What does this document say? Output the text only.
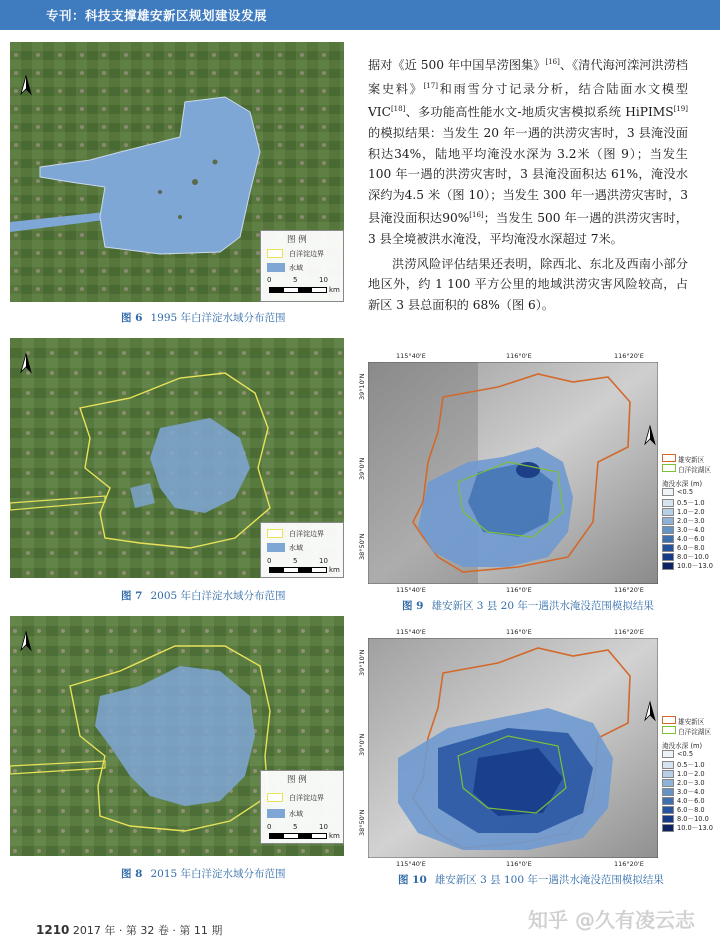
专刊：科技支撑雄安新区规划建设发展
图 例
白洋淀边界
水域
0	5	10
km
图 6 1995 年白洋淀水域分布范围
白洋淀边界
水域
0	5	10
km
图 7 2005 年白洋淀水域分布范围
图 例
白洋淀边界
水域
0	5	10
km
图 8 2015 年白洋淀水域分布范围

据对《近 500 年中国旱涝图集》[16]、《清代海河滦河洪涝档案史料》[17]和雨雪分寸记录分析，结合陆面水文模型 VIC[18]、多功能高性能水文-地质灾害模拟系统 HiPIMS[19]的模拟结果：当发生 20 年一遇的洪涝灾害时，3 县淹没面积达34%，陆地平均淹没水深为 3.2米（图 9）；当发生 100 年一遇的洪涝灾害时，3 县淹没面积达 61%，淹没水深约为4.5 米（图 10）；当发生 300 年一遇洪涝灾害时，3 县淹没面积达90%[16]；当发生 500 年一遇的洪涝灾害时，3 县全境被洪水淹没，平均淹没水深超过 7米。

洪涝风险评估结果还表明，除西北、东北及西南小部分地区外，约 1 100 平方公里的地域洪涝灾害风险较高，占新区 3 县总面积的 68%（图 6）。

115°40'E	116°0'E	116°20'E
39°10'N
39°0'N
38°50'N
115°40'E	116°0'E	116°20'E
雄安新区
白洋淀湖区
淹没水深 (m)
<0.5
0.5－1.0
1.0－2.0
2.0－3.0
3.0－4.0
4.0－6.0
6.0－8.0
8.0－10.0
10.0－13.0
图 9 雄安新区 3 县 20 年一遇洪水淹没范围模拟结果
115°40'E	116°0'E	116°20'E
39°10'N
39°0'N
38°50'N
115°40'E	116°0'E	116°20'E
雄安新区
白洋淀湖区
淹没水深 (m)
<0.5
0.5－1.0
1.0－2.0
2.0－3.0
3.0－4.0
4.0－6.0
6.0－8.0
8.0－10.0
10.0－13.0
图 10 雄安新区 3 县 100 年一遇洪水淹没范围模拟结果
1210 2017 年 · 第 32 卷 · 第 11 期	知乎 @久有凌云志
